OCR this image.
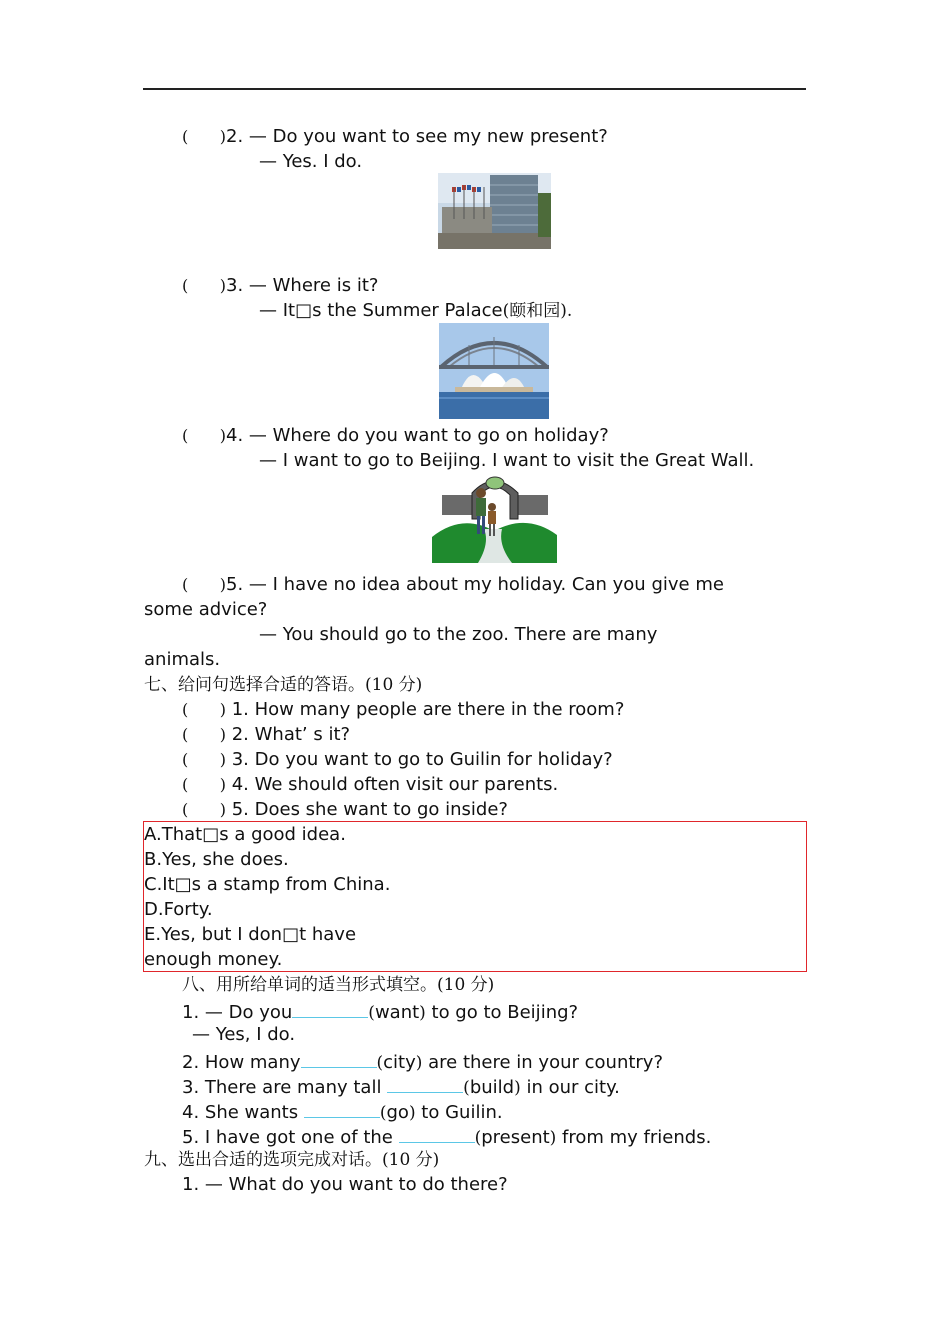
( ) 2. — Do you want to see my new present?
— Yes. I do.
( ) 3. — Where is it?
— It□s the Summer Palace(颐和园).
( ) 4. — Where do you want to go on holiday?
— I want to go to Beijing. I want to visit the Great Wall.
( ) 5. — I have no idea about my holiday. Can you give me
some advice?
— You should go to the zoo. There are many
animals.
七、给问句选择合适的答语。(10 分)
( ) 1. How many people are there in the room?
( ) 2. What’ s it?
( ) 3. Do you want to go to Guilin for holiday?
( ) 4. We should often visit our parents.
( ) 5. Does she want to go inside?
A.That□s a good idea.
B.Yes, she does.
C.It□s a stamp from China.
D.Forty.
E.Yes, but I don□t have
enough money.
八、用所给单词的适当形式填空。(10 分)
1. — Do you	(want) to go to Beijing?
— Yes, I do.
2. How many	(city) are there in your country?
3. There are many tall	(build) in our city.
4. She wants	(go) to Guilin.
5. I have got one of the	(present) from my friends.
九、选出合适的选项完成对话。(10 分)
1. — What do you want to do there?
